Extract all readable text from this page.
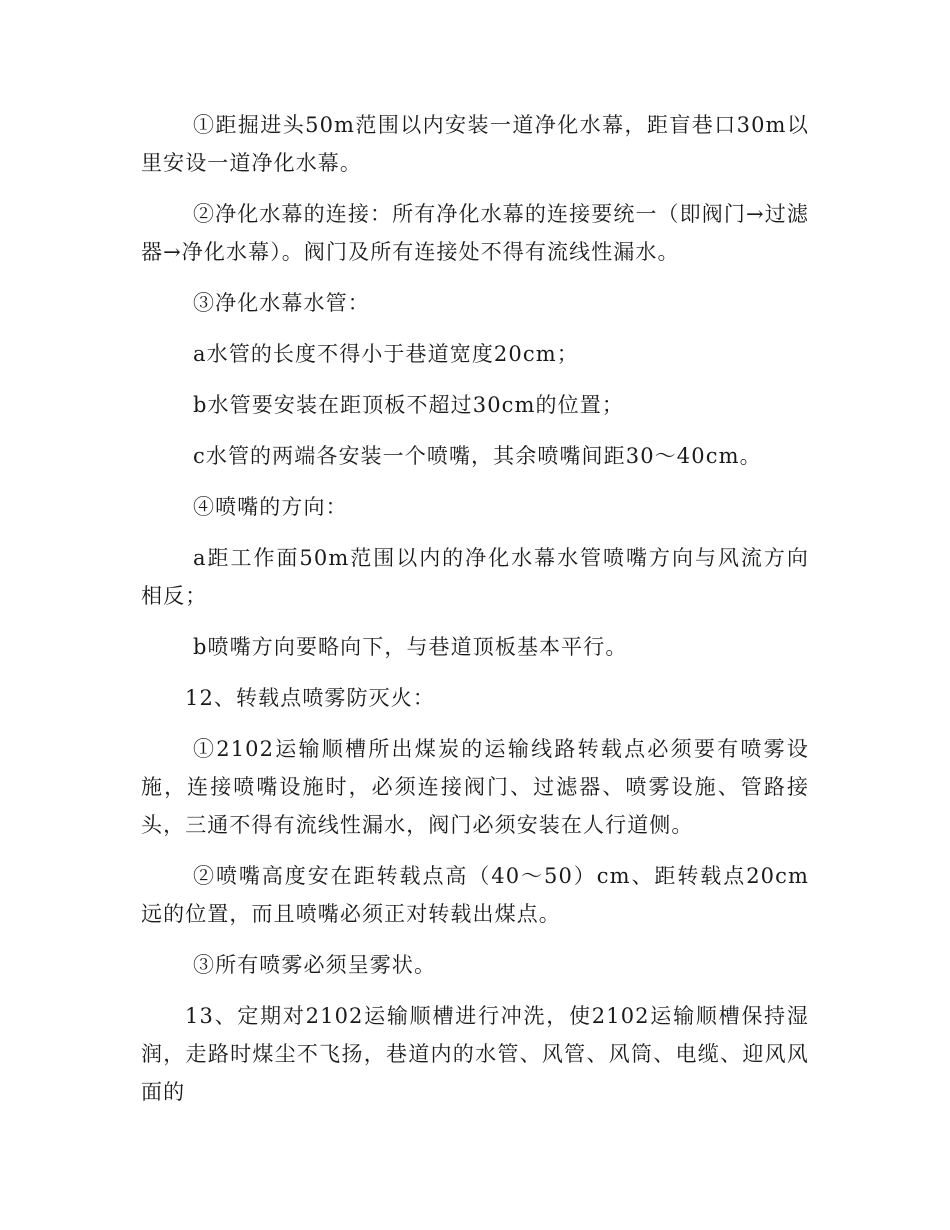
①距掘进头50m范围以内安装一道净化水幕，距盲巷口30m以里安设一道净化水幕。

②净化水幕的连接：所有净化水幕的连接要统一（即阀门→过滤器→净化水幕）。阀门及所有连接处不得有流线性漏水。

③净化水幕水管：

a水管的长度不得小于巷道宽度20cm；

b水管要安装在距顶板不超过30cm的位置；

c水管的两端各安装一个喷嘴，其余喷嘴间距30～40cm。

④喷嘴的方向：

a距工作面50m范围以内的净化水幕水管喷嘴方向与风流方向相反；

b喷嘴方向要略向下，与巷道顶板基本平行。

12、转载点喷雾防灭火：

①2102运输顺槽所出煤炭的运输线路转载点必须要有喷雾设施，连接喷嘴设施时，必须连接阀门、过滤器、喷雾设施、管路接头，三通不得有流线性漏水，阀门必须安装在人行道侧。

②喷嘴高度安在距转载点高（40～50）cm、距转载点20cm远的位置，而且喷嘴必须正对转载出煤点。

③所有喷雾必须呈雾状。

13、定期对2102运输顺槽进行冲洗，使2102运输顺槽保持湿润，走路时煤尘不飞扬，巷道内的水管、风管、风筒、电缆、迎风风面的
